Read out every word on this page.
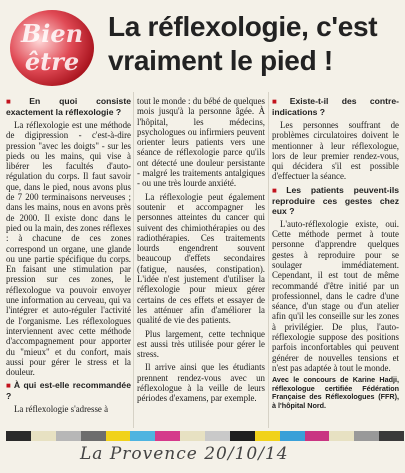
Bien
être
La réflexologie, c'est vraiment le pied !

■ En quoi consiste exactement la réflexologie ?

La réflexologie est une méthode de digipression - c'est-à-dire pression "avec les doigts" - sur les pieds ou les mains, qui vise à libérer les facultés d'auto-régulation du corps. Il faut savoir que, dans le pied, nous avons plus de 7 200 terminaisons nerveuses ; dans les mains, nous en avons près de 2000. Il existe donc dans le pied ou la main, des zones réflexes : à chacune de ces zones correspond un organe, une glande ou une partie spécifique du corps. En faisant une stimulation par pression sur ces zones, le réflexologue va pouvoir envoyer une information au cerveau, qui va l'intégrer et auto-réguler l'activité de l'organisme. Les réflexologues interviennent avec cette méthode d'accompagnement pour apporter du "mieux" et du confort, mais aussi pour gérer le stress et la douleur.

■ À qui est-elle recommandée ?

La réflexologie s'adresse à

tout le monde : du bébé de quelques mois jusqu'à la personne âgée. À l'hôpital, les médecins, psychologues ou infirmiers peuvent orienter leurs patients vers une séance de réflexologie parce qu'ils ont détecté une douleur persistante - malgré les traitements antalgiques - ou une très lourde anxiété.

La réflexologie peut également soutenir et accompagner les personnes atteintes du cancer qui suivent des chimiothérapies ou des radiothérapies. Ces traitements lourds engendrent souvent beaucoup d'effets secondaires (fatigue, nausées, constipation). L'idée n'est justement d'utiliser la réflexologie pour mieux gérer certains de ces effets et essayer de les atténuer afin d'améliorer la qualité de vie des patients.

Plus largement, cette technique est aussi très utilisée pour gérer le stress.

Il arrive ainsi que les étudiants prennent rendez-vous avec un réflexologue à la veille de leurs périodes d'examens, par exemple.

■ Existe-t-il des contre-indications ?

Les personnes souffrant de problèmes circulatoires doivent le mentionner à leur réflexologue, lors de leur premier rendez-vous, qui décidera s'il est possible d'effectuer la séance.

■ Les patients peuvent-ils reproduire ces gestes chez eux ?

L'auto-réflexologie existe, oui. Cette méthode permet à toute personne d'apprendre quelques gestes à reproduire pour se soulager immédiatement. Cependant, il est tout de même recommandé d'être initié par un professionnel, dans le cadre d'une séance, d'un stage ou d'un atelier afin qu'il les conseille sur les zones à privilégier. De plus, l'auto-réflexologie suppose des positions parfois inconfortables qui peuvent générer de nouvelles tensions et n'est pas adaptée à tout le monde.

Avec le concours de Karine Hadji, réflexologue certifiée Fédération Française des Réflexologues (FFR), à l'hôpital Nord.

La Provence 20/10/14
